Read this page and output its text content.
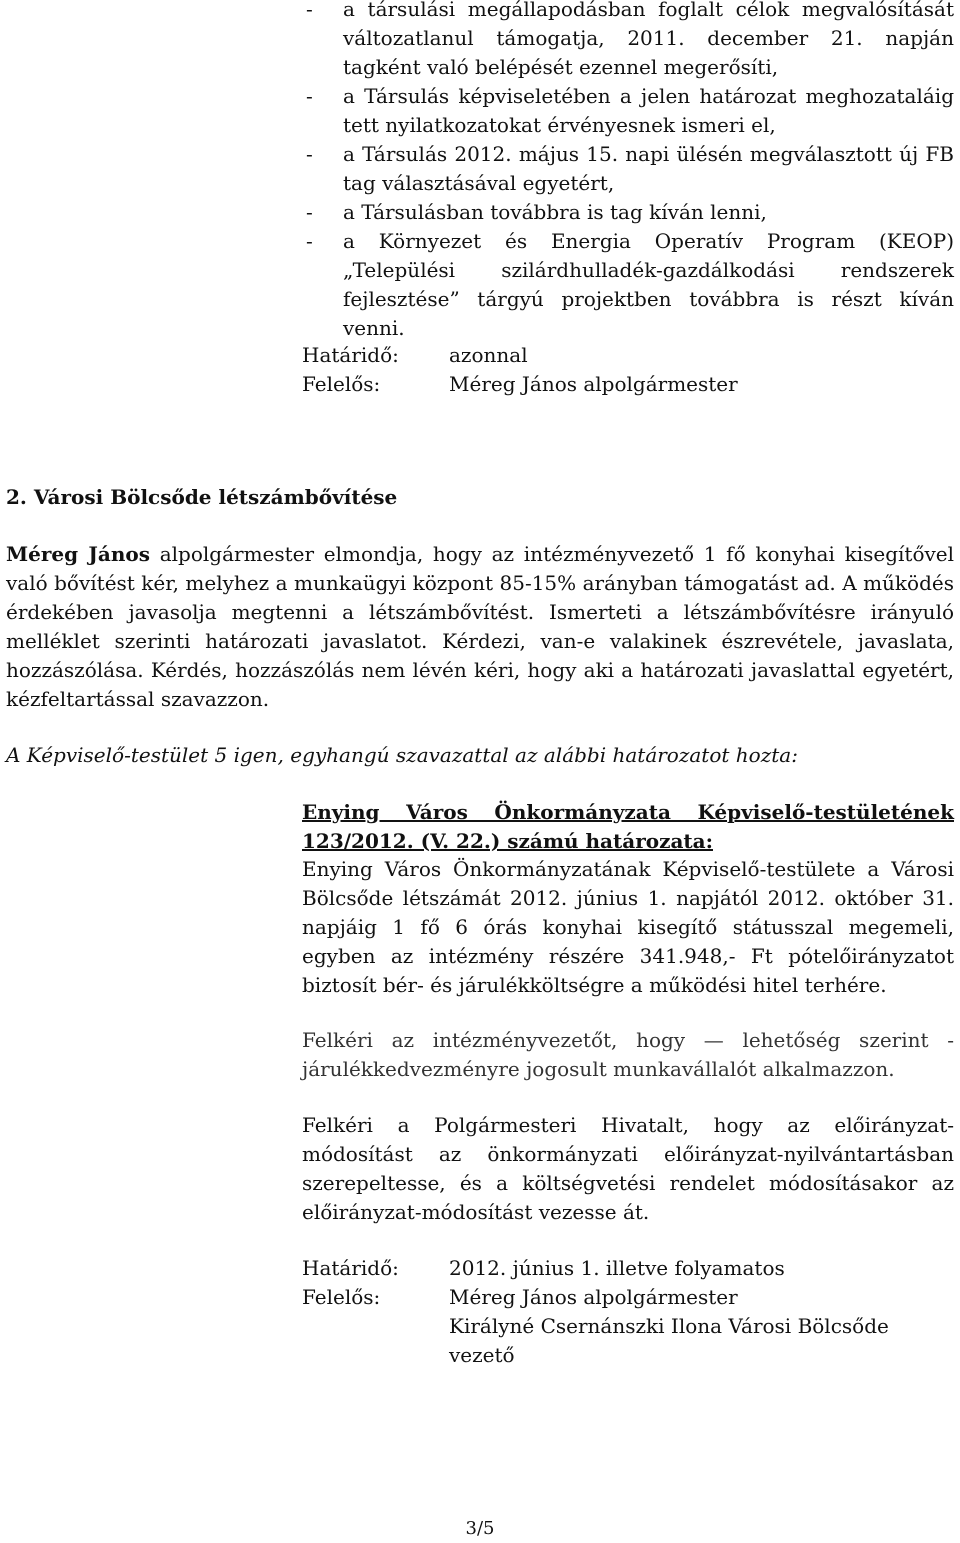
- a társulási megállapodásban foglalt célok megvalósítását változatlanul támogatja, 2011. december 21. napján tagként való belépését ezennel megerősíti,
- a Társulás képviseletében a jelen határozat meghozataláig tett nyilatkozatokat érvényesnek ismeri el,
- a Társulás 2012. május 15. napi ülésén megválasztott új FB tag választásával egyetért,
- a Társulásban továbbra is tag kíván lenni,
- a Környezet és Energia Operatív Program (KEOP) „Települési szilárdhulladék-gazdálkodási rendszerek fejlesztése” tárgyú projektben továbbra is részt kíván venni.
Határidő:	azonnal
Felelős:	Méreg János alpolgármester
2. Városi Bölcsőde létszámbővítése
Méreg János alpolgármester elmondja, hogy az intézményvezető 1 fő konyhai kisegítővel való bővítést kér, melyhez a munkaügyi központ 85-15% arányban támogatást ad. A működés érdekében javasolja megtenni a létszámbővítést. Ismerteti a létszámbővítésre irányuló melléklet szerinti határozati javaslatot. Kérdezi, van-e valakinek észrevétele, javaslata, hozzászólása. Kérdés, hozzászólás nem lévén kéri, hogy aki a határozati javaslattal egyetért, kézfeltartással szavazzon.
A Képviselő-testület 5 igen, egyhangú szavazattal az alábbi határozatot hozta:
Enying Város Önkormányzata Képviselő-testületének
123/2012. (V. 22.) számú határozata:
Enying Város Önkormányzatának Képviselő-testülete a Városi Bölcsőde létszámát 2012. június 1. napjától 2012. október 31. napjáig 1 fő 6 órás konyhai kisegítő státusszal megemeli, egyben az intézmény részére 341.948,- Ft pótelőirányzatot biztosít bér- és járulékköltségre a működési hitel terhére.
Felkéri az intézményvezetőt, hogy — lehetőség szerint - járulékkedvezményre jogosult munkavállalót alkalmazzon.
Felkéri a Polgármesteri Hivatalt, hogy az előirányzat-módosítást az önkormányzati előirányzat-nyilvántartásban szerepeltesse, és a költségvetési rendelet módosításakor az előirányzat-módosítást vezesse át.
Határidő:	2012. június 1. illetve folyamatos
Felelős:	Méreg János alpolgármester
Királyné Csernánszki Ilona Városi Bölcsőde vezető
3/5
